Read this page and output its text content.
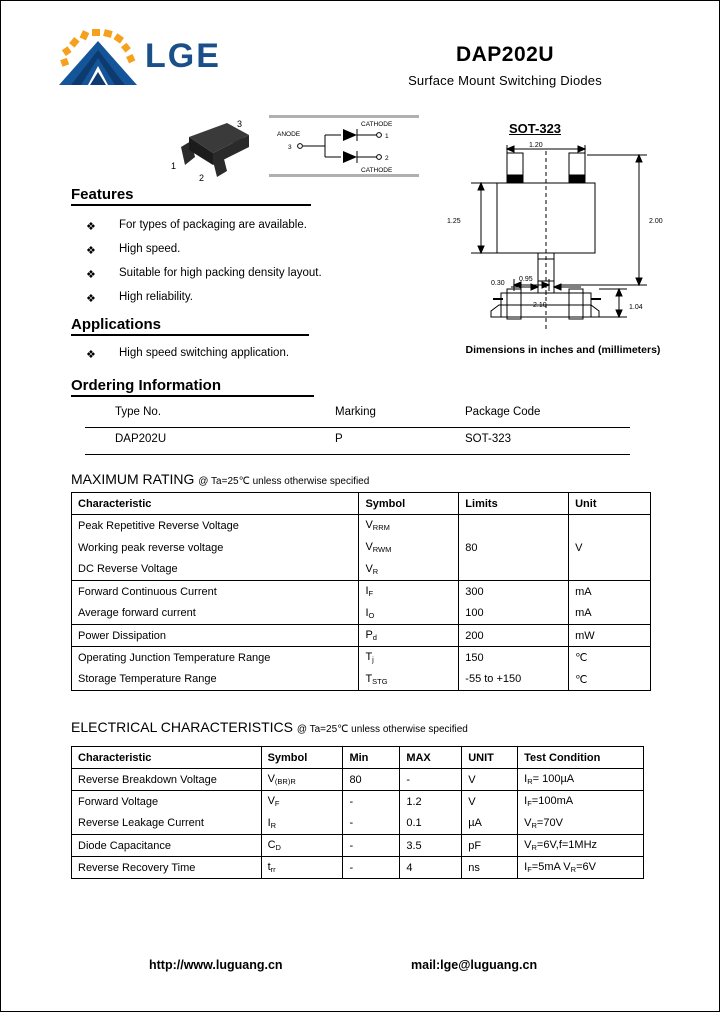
LGE	DAP202U
Surface Mount Switching Diodes
3
1
2
ANODE
3
CATHODE
1
CATHODE
2
SOT-323
1.20
1.25	2.00
0.30
2.10
0.95
1.04
Dimensions in inches and (millimeters)
Features
❖ For types of packaging are available.
❖ High speed.
❖ Suitable for high packing density layout.
❖ High reliability.
Applications
❖ High speed switching application.
Ordering Information
Type No.	Marking	Package Code
DAP202U	P	SOT-323
MAXIMUM RATING @ Ta=25℃ unless otherwise specified
Characteristic	Symbol	Limits	Unit
Peak Repetitive Reverse Voltage	$V_{RRM}$	80	V
Working peak reverse voltage	$V_{RWM}$
DC Reverse Voltage	$V_R$
Forward Continuous Current	$I_F$	300	mA
Average forward current	$I_O$	100	mA
Power Dissipation	$P_d$	200	mW
Operating Junction Temperature Range	$T_j$	150	℃
Storage Temperature Range	$T_{STG}$	-55 to +150	℃
ELECTRICAL CHARACTERISTICS @ Ta=25℃ unless otherwise specified
Characteristic	Symbol	Min	MAX	UNIT	Test Condition
Reverse Breakdown Voltage	$V_{(BR)R}$	80	-	V	$I_R= 100\mu A$
Forward Voltage	$V_F$	-	1.2	V	$I_F=100mA$
Reverse Leakage Current	$I_R$	-	0.1	µA	$V_R=70V$
Diode Capacitance	$C_D$	-	3.5	pF	$V_R=6V,f=1MHz$
Reverse Recovery Time	$t_{rr}$	-	4	ns	$I_F=5mA$ $V_R=6V$
http://www.luguang.cn	mail:lge@luguang.cn
